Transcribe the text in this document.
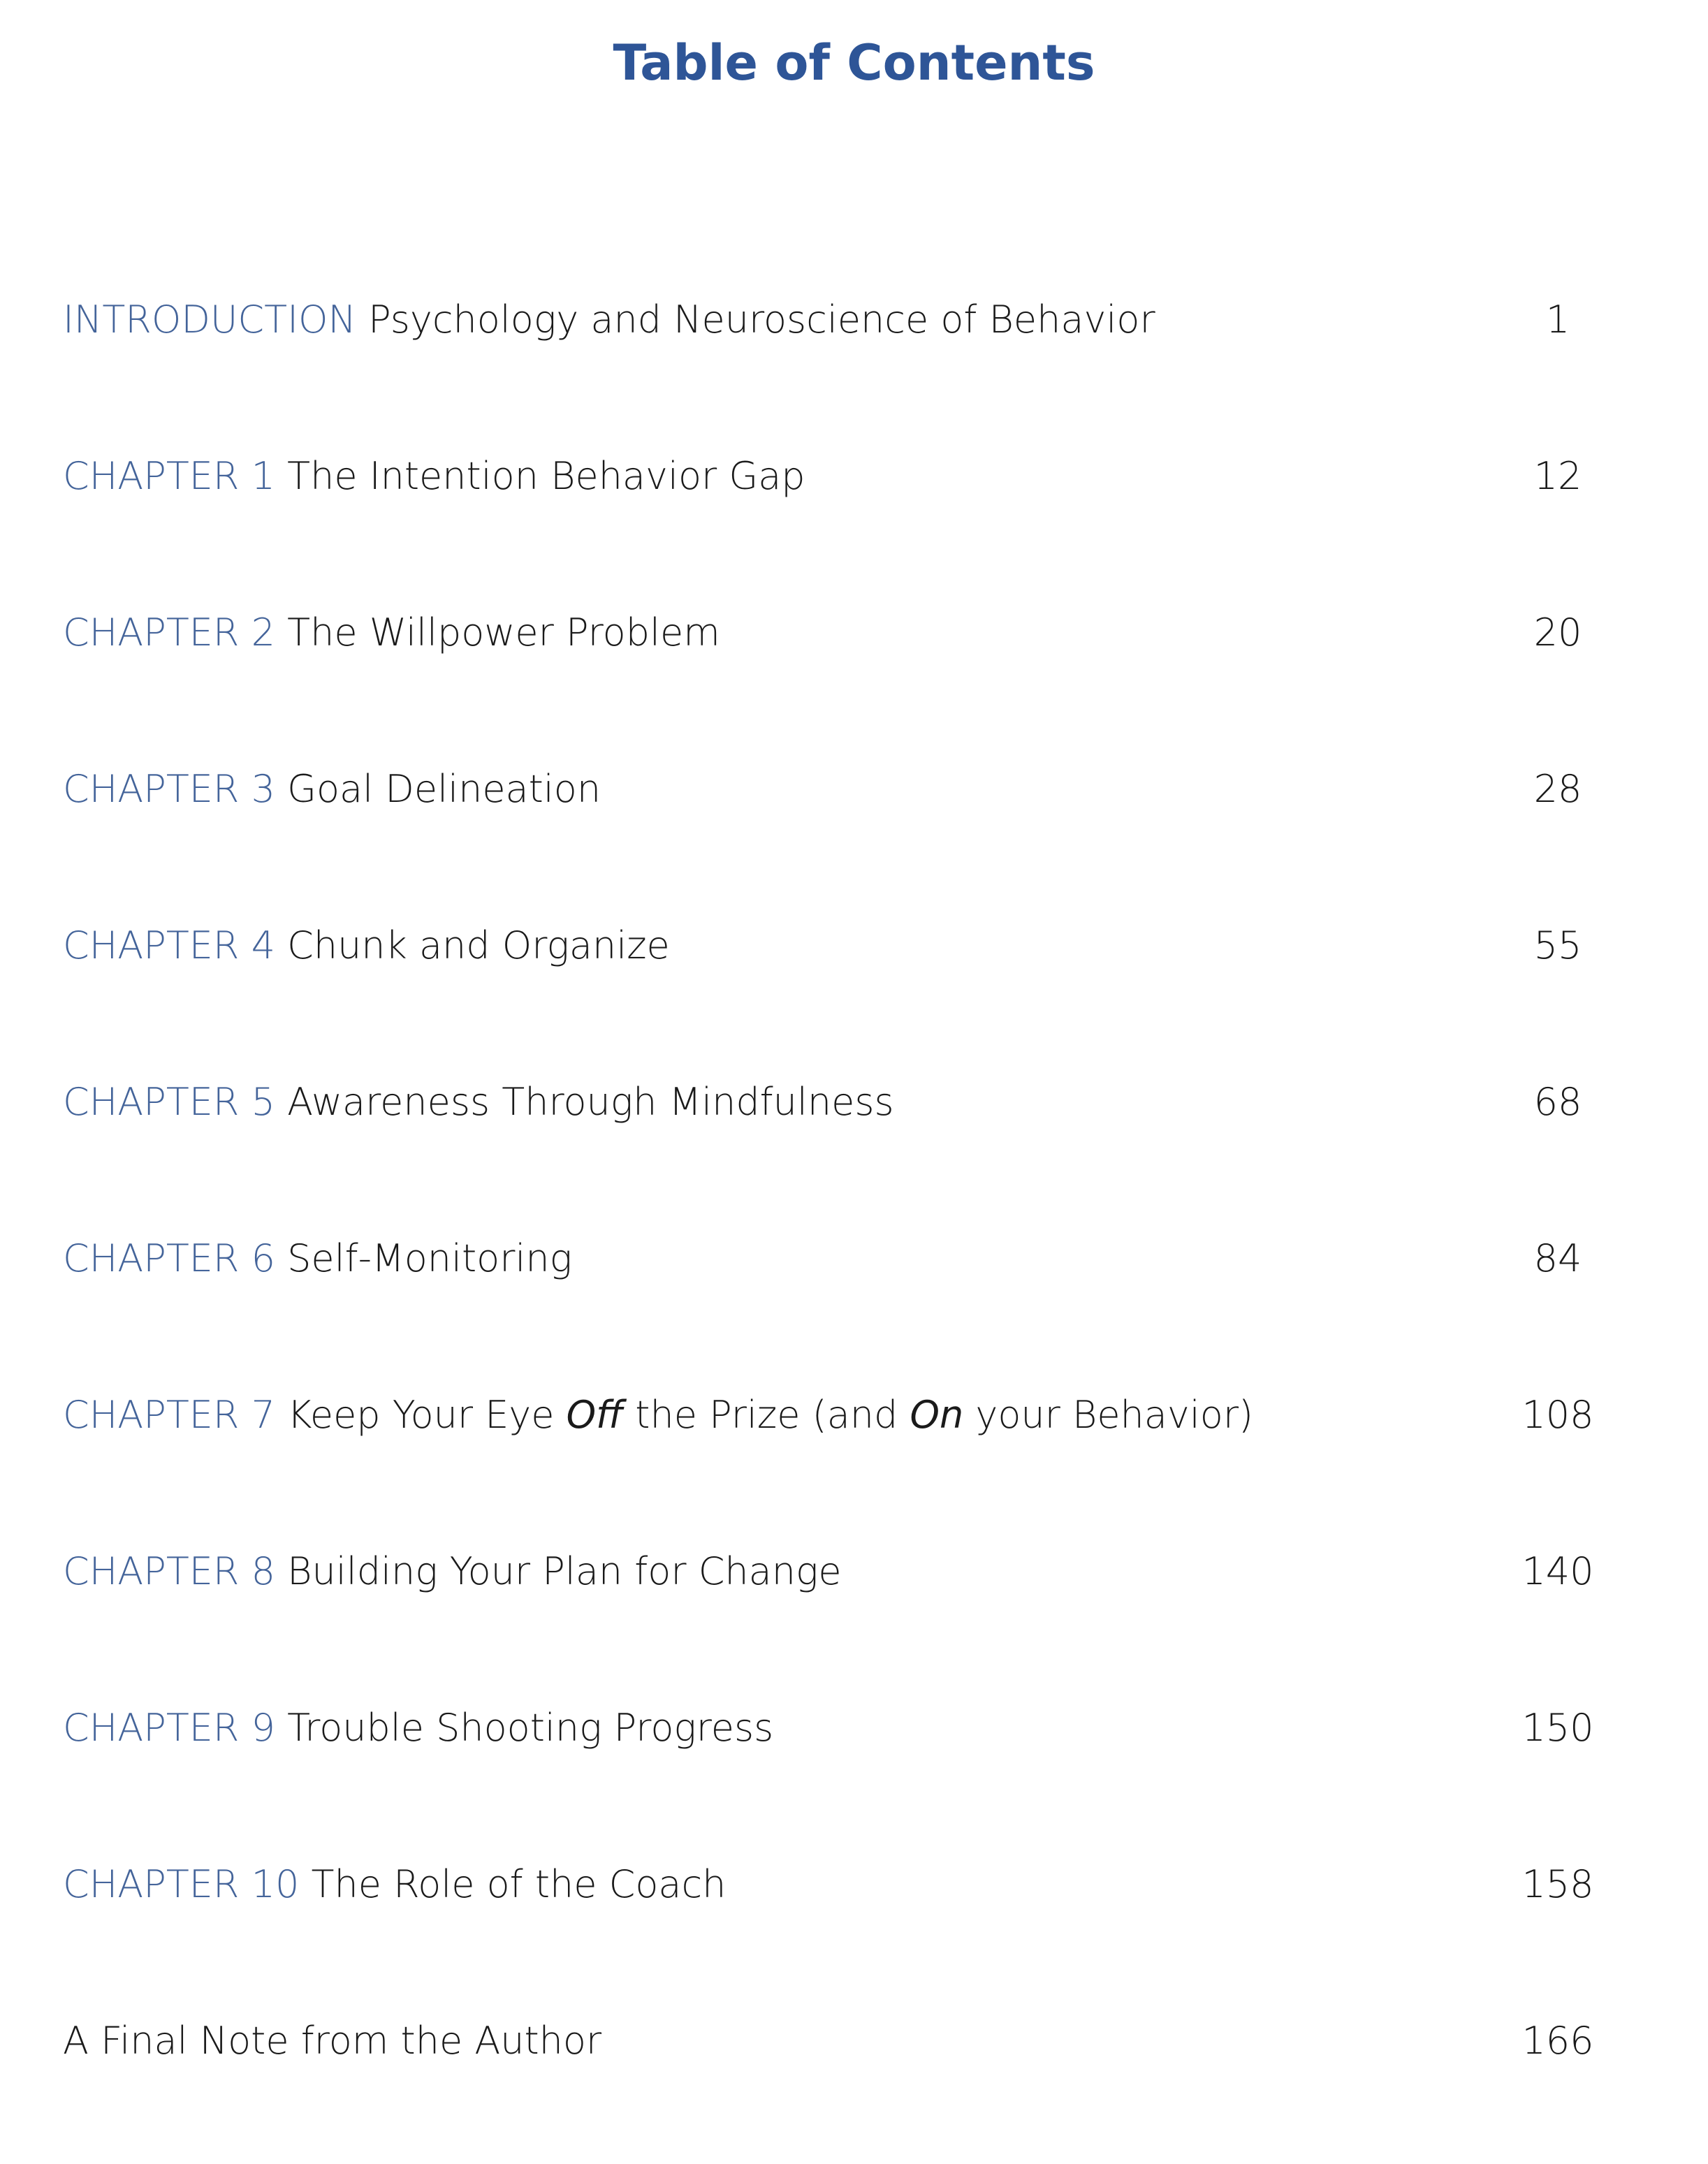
Table of Contents
INTRODUCTION Psychology and Neuroscience of Behavior	1
CHAPTER 1 The Intention Behavior Gap	12
CHAPTER 2 The Willpower Problem	20
CHAPTER 3 Goal Delineation	28
CHAPTER 4 Chunk and Organize	55
CHAPTER 5 Awareness Through Mindfulness	68
CHAPTER 6 Self-Monitoring	84
CHAPTER 7 Keep Your Eye Off the Prize (and On your Behavior)	108
CHAPTER 8 Building Your Plan for Change	140
CHAPTER 9 Trouble Shooting Progress	150
CHAPTER 10 The Role of the Coach	158
A Final Note from the Author	166
